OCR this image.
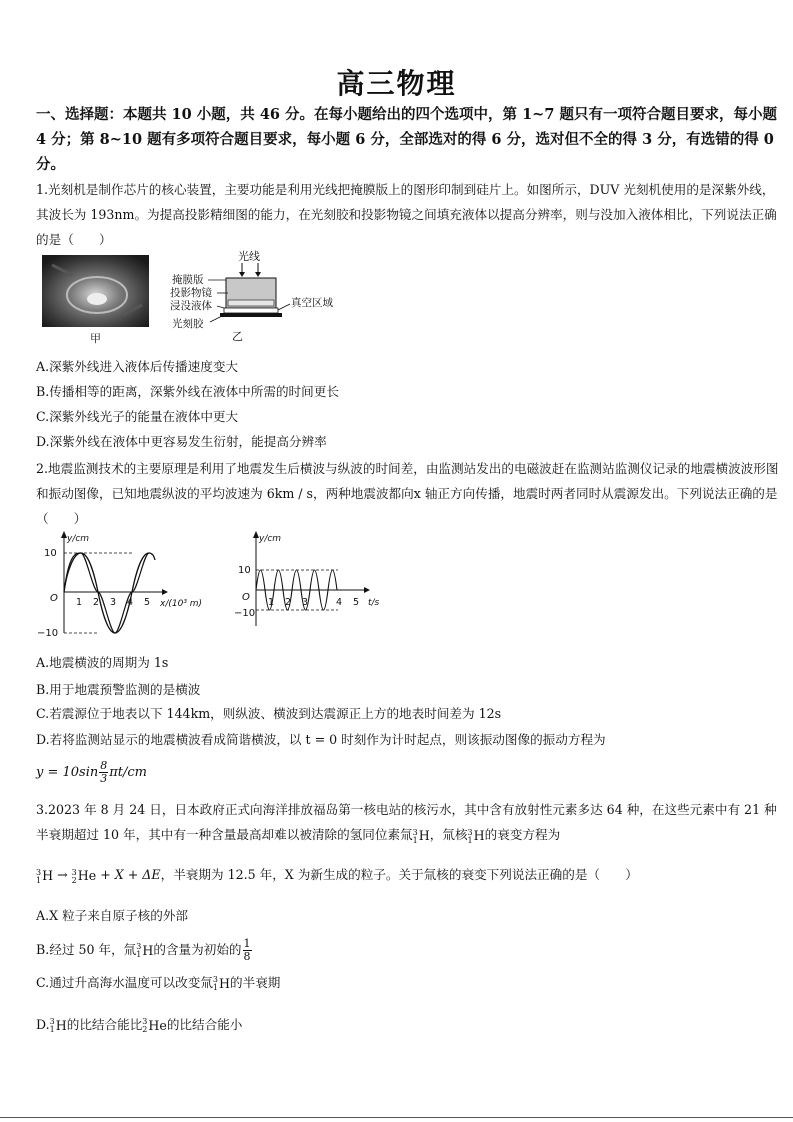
高三物理
一、选择题：本题共 10 小题，共 46 分。在每小题给出的四个选项中，第 1~7 题只有一项符合题目要求，每小题 4 分；第 8~10 题有多项符合题目要求，每小题 6 分，全部选对的得 6 分，选对但不全的得 3 分，有选错的得 0 分。
1.光刻机是制作芯片的核心装置，主要功能是利用光线把掩膜版上的图形印制到硅片上。如图所示，DUV 光刻机使用的是深紫外线，其波长为 193nm。为提高投影精细图的能力，在光刻胶和投影物镜之间填充液体以提高分辨率，则与没加入液体相比，下列说法正确的是（　　）
甲
光线
掩膜版
投影物镜
浸没液体
光刻胶
真空区域
乙
A.深紫外线进入液体后传播速度变大
B.传播相等的距离，深紫外线在液体中所需的时间更长
C.深紫外线光子的能量在液体中更大
D.深紫外线在液体中更容易发生衍射，能提高分辨率
2.地震监测技术的主要原理是利用了地震发生后横波与纵波的时间差，由监测站发出的电磁波赶在监测站监测仪记录的地震横波波形图和振动图像，已知地震纵波的平均波速为 6km / s，两种地震波都向x 轴正方向传播，地震时两者同时从震源发出。下列说法正确的是（　　）
y/cm
x/(10³ m)
O
10
−10
1 2 3 4 5
y/cm
t/s
O
10
−10
1 2 3	4 5
A.地震横波的周期为 1s
B.用于地震预警监测的是横波
C.若震源位于地表以下 144km，则纵波、横波到达震源正上方的地表时间差为 12s
D.若将监测站显示的地震横波看成简谐横波，以 t = 0 时刻作为计时起点，则该振动图像的振动方程为
$y = 10\sin \frac{8}{3} \pi t/cm$
3.2023 年 8 月 24 日，日本政府正式向海洋排放福岛第一核电站的核污水，其中含有放射性元素多达 64 种，在这些元素中有 21 种半衰期超过 10 年，其中有一种含量最高却难以被清除的氢同位素氚 3
1 H，氚核 3
1 H的衰变方程为
3
1 H → 3
2 He + X + ΔE，半衰期为 12.5 年，X 为新生成的粒子。关于氚核的衰变下列说法正确的是（　　）
A.X 粒子来自原子核的外部
B.经过 50 年，氚 3
1 H的含量为初始的 $\frac{1}{8}$
C.通过升高海水温度可以改变氚 3
1 H的半衰期
D. 3
1 H的比结合能比 3
2 He的比结合能小
